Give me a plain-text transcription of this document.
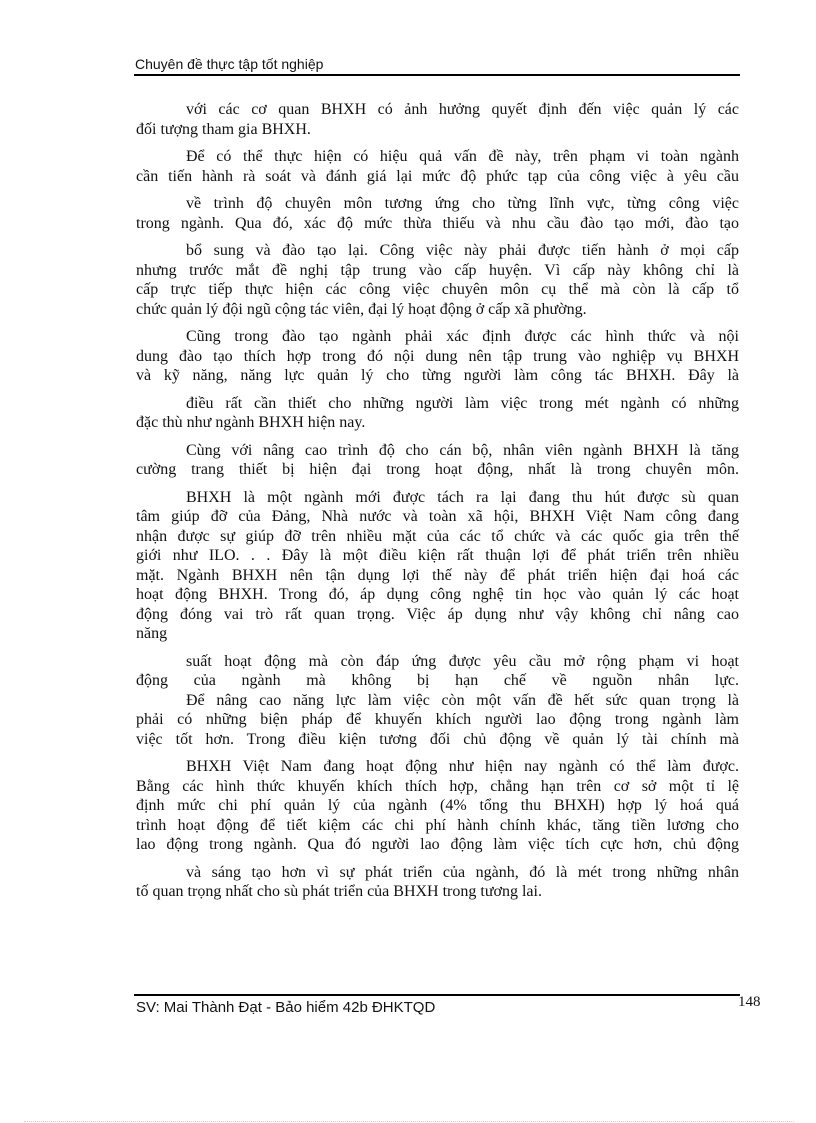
Chuyên đề thực tập tốt nghiệp
với các cơ quan BHXH có ảnh hưởng quyết định đến việc quản lý các
đối tượng tham gia BHXH.
Để có thể thực hiện có hiệu quả vấn đề này, trên phạm vi toàn ngành
cần tiến hành rà soát và đánh giá lại mức độ phức tạp của công việc à yêu cầu
về trình độ chuyên môn tương ứng cho từng lĩnh vực, từng công việc
trong ngành. Qua đó, xác độ mức thừa thiếu và nhu cầu đào tạo mới, đào tạo
bổ sung và đào tạo lại. Công việc này phải được tiến hành ở mọi cấp
nhưng trước mắt đề nghị tập trung vào cấp huyện. Vì cấp này không chỉ là
cấp trực tiếp thực hiện các công việc chuyên môn cụ thể mà còn là cấp tổ
chức quản lý đội ngũ cộng tác viên, đại lý hoạt động ở cấp xã phường.
Cũng trong đào tạo ngành phải xác định được các hình thức và nội
dung đào tạo thích hợp trong đó nội dung nên tập trung vào nghiệp vụ BHXH
và kỹ năng, năng lực quản lý cho từng người làm công tác BHXH. Đây là
điều rất cần thiết cho những người làm việc trong mét ngành có những
đặc thù như ngành BHXH hiện nay.
Cùng với nâng cao trình độ cho cán bộ, nhân viên ngành BHXH là tăng
cường trang thiết bị hiện đại trong hoạt động, nhất là trong chuyên môn.
BHXH là một ngành mới được tách ra lại đang thu hút được sù quan
tâm giúp đỡ của Đảng, Nhà nước và toàn xã hội, BHXH Việt Nam công đang
nhận được sự giúp đỡ trên nhiều mặt của các tổ chức và các quốc gia trên thế
giới như ILO. . . Đây là một điều kiện rất thuận lợi để phát triển trên nhiều
mặt. Ngành BHXH nên tận dụng lợi thế này để phát triển hiện đại hoá các
hoạt động BHXH. Trong đó, áp dụng công nghệ tin học vào quản lý các hoạt
động đóng vai trò rất quan trọng. Việc áp dụng như vậy không chỉ nâng cao
năng
suất hoạt động mà còn đáp ứng được yêu cầu mở rộng phạm vi hoạt
động của ngành mà không bị hạn chế về nguồn nhân lực.
Để nâng cao năng lực làm việc còn một vấn đề hết sức quan trọng là
phải có những biện pháp để khuyến khích người lao động trong ngành làm
việc tốt hơn. Trong điều kiện tương đối chủ động về quản lý tài chính mà
BHXH Việt Nam đang hoạt động như hiện nay ngành có thể làm được.
Bằng các hình thức khuyến khích thích hợp, chẳng hạn trên cơ sở một tỉ lệ
định mức chi phí quản lý của ngành (4% tổng thu BHXH) hợp lý hoá quá
trình hoạt động để tiết kiệm các chi phí hành chính khác, tăng tiền lương cho
lao động trong ngành. Qua đó người lao động làm việc tích cực hơn, chủ động
và sáng tạo hơn vì sự phát triển của ngành, đó là mét trong những nhân
tố quan trọng nhất cho sù phát triển của BHXH trong tương lai.
SV: Mai Thành Đạt - Bảo hiểm 42b ĐHKTQD	148
